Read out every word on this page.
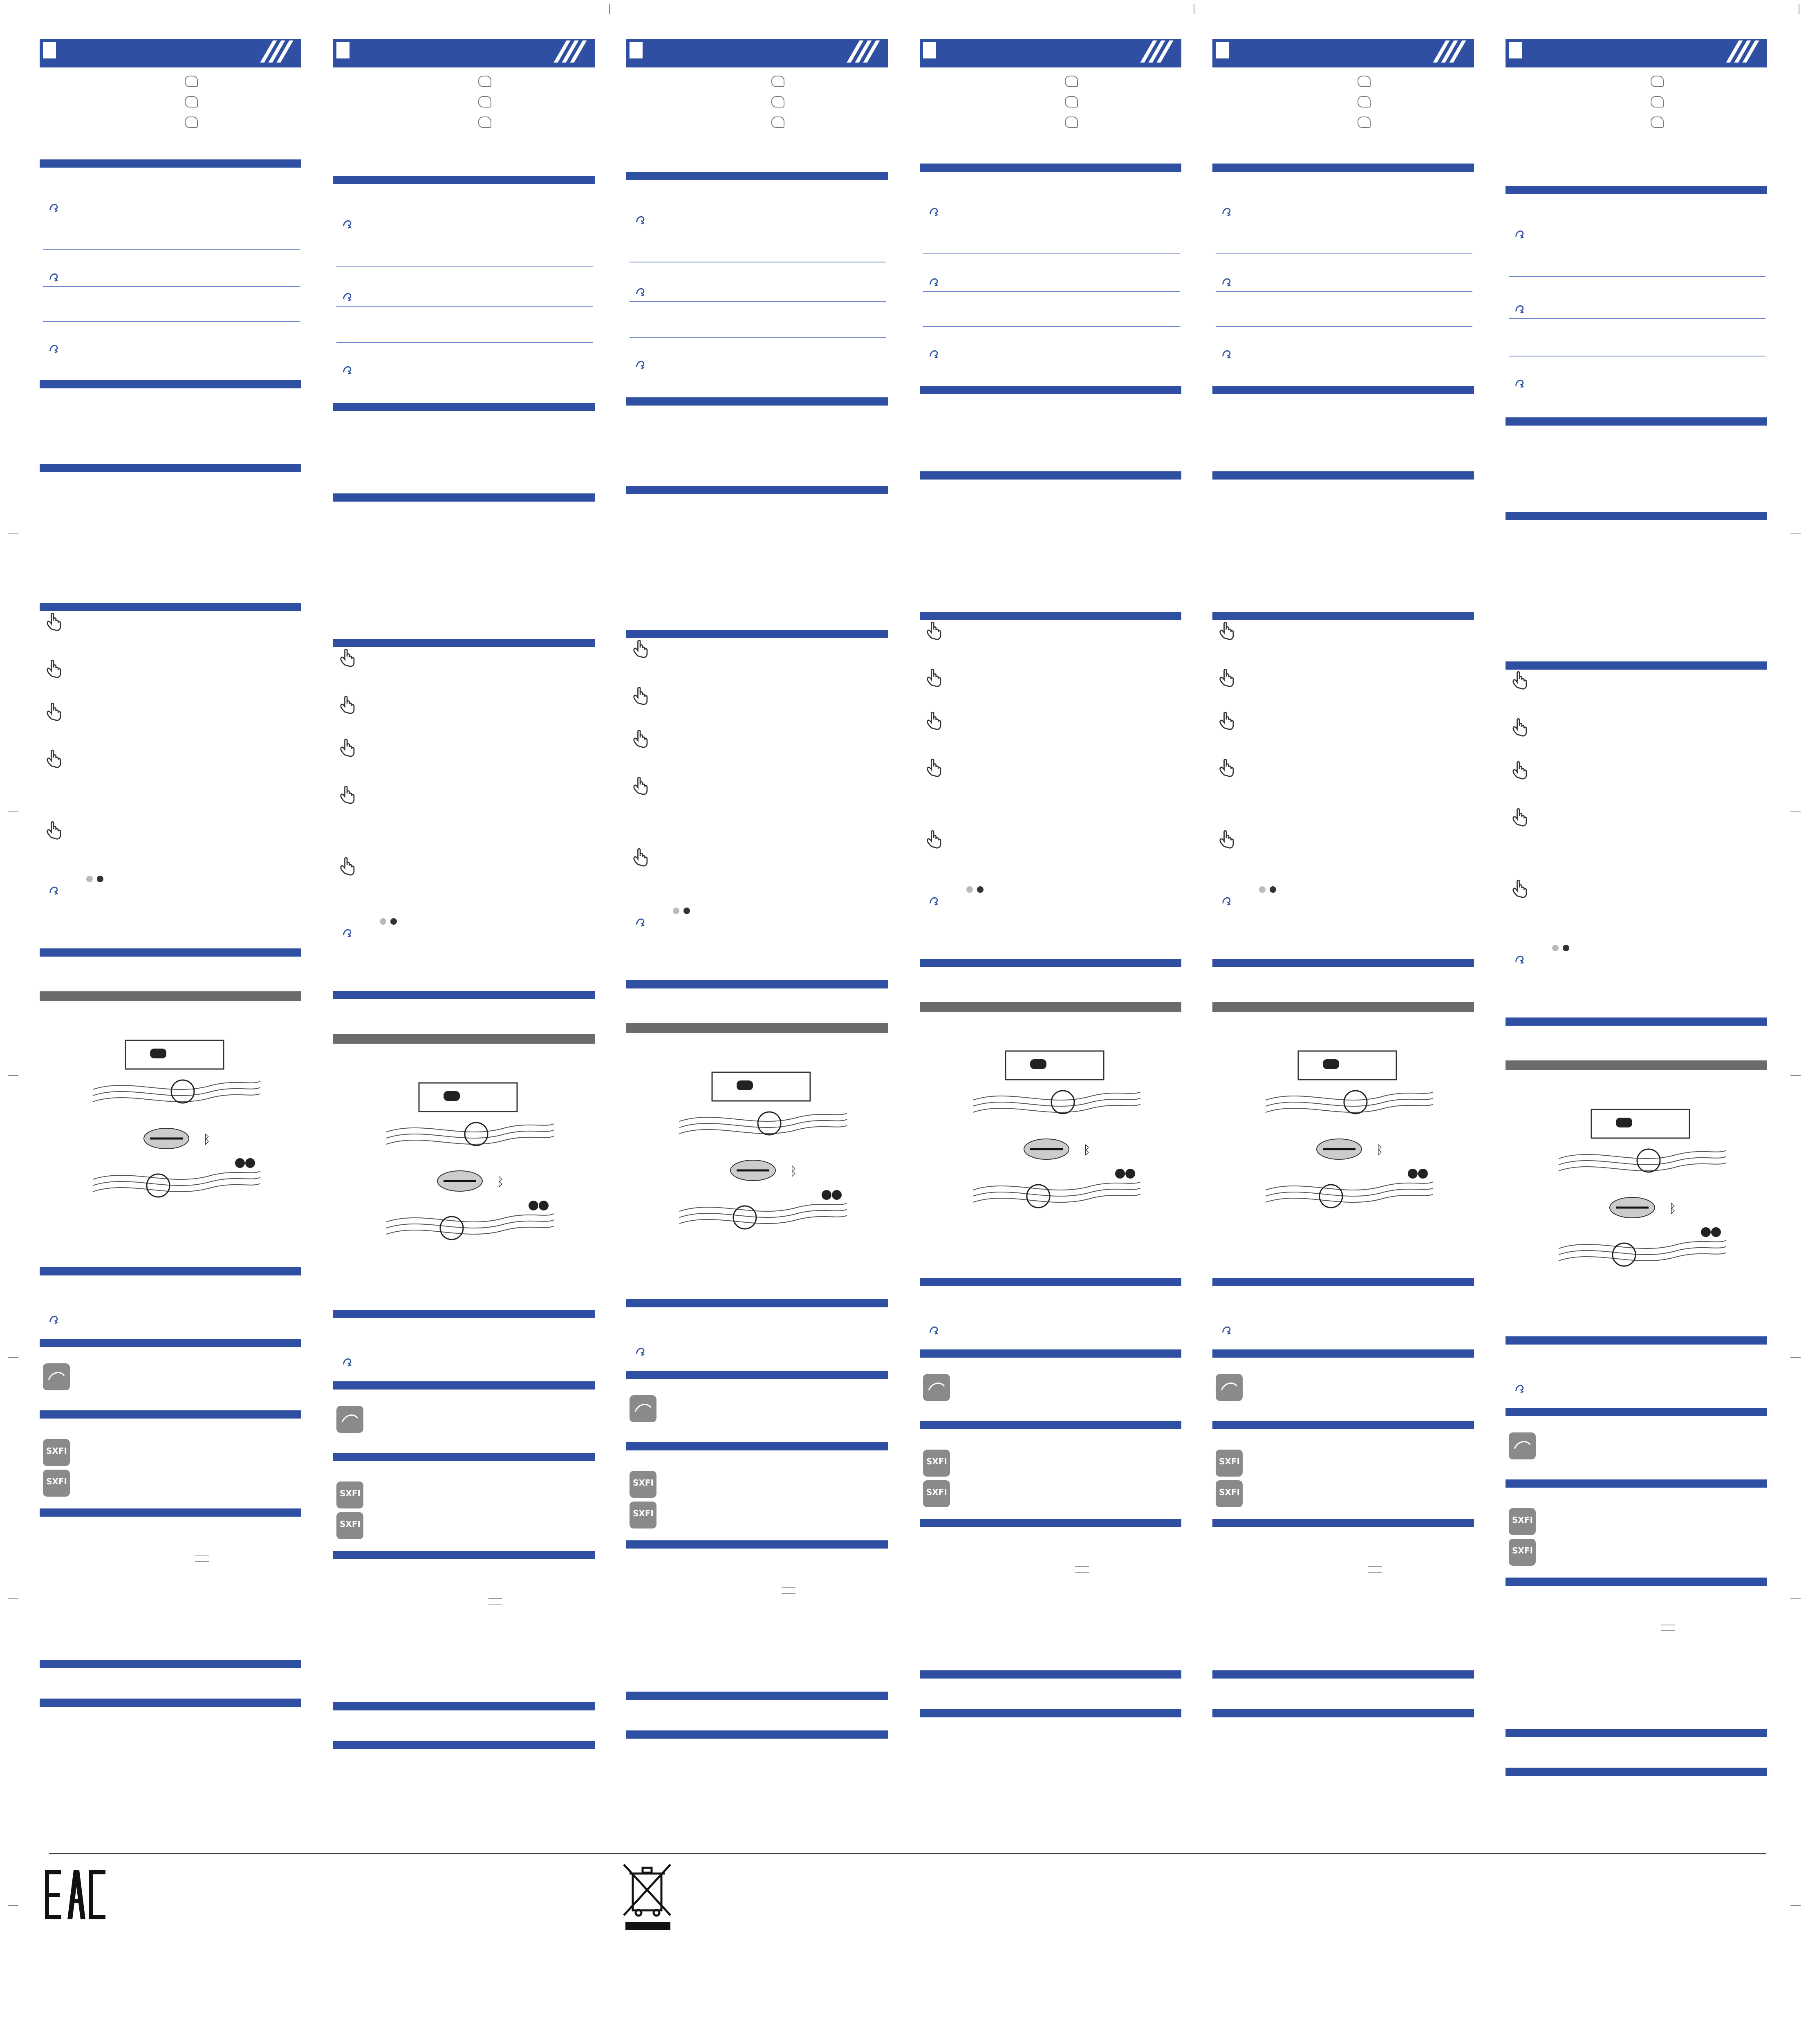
ᛒ
SXFI
SXFI
ᛒ
SXFI
SXFI
ᛒ
SXFI
SXFI
ᛒ
SXFI
SXFI
ᛒ
SXFI
SXFI
ᛒ
SXFI
SXFI
